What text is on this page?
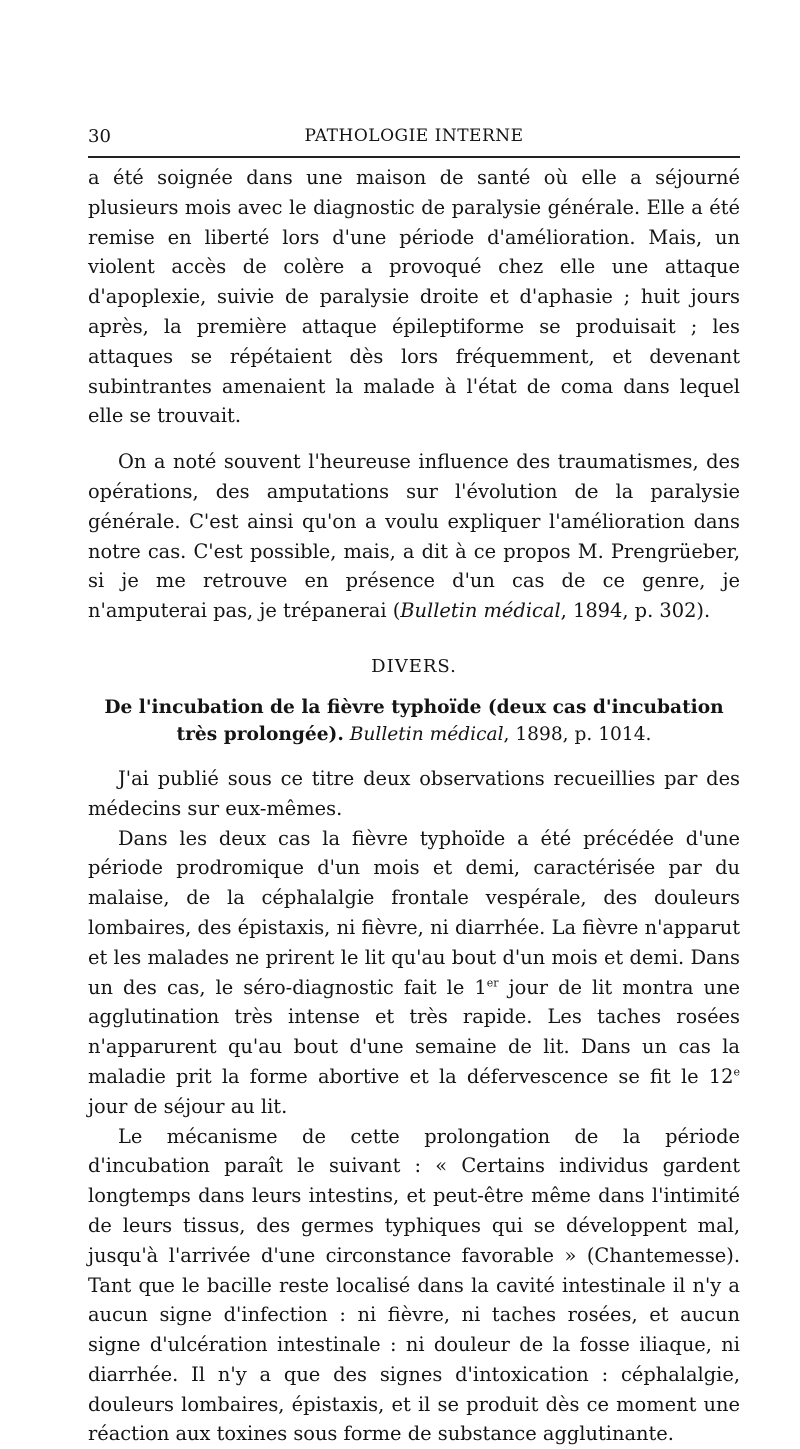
30	PATHOLOGIE INTERNE

a été soignée dans une maison de santé où elle a séjourné plusieurs mois avec le diagnostic de paralysie générale. Elle a été remise en liberté lors d'une période d'amélioration. Mais, un violent accès de colère a provoqué chez elle une attaque d'apoplexie, suivie de paralysie droite et d'aphasie ; huit jours après, la première attaque épileptiforme se produisait ; les attaques se répétaient dès lors fréquemment, et devenant subintrantes amenaient la malade à l'état de coma dans lequel elle se trouvait.

On a noté souvent l'heureuse influence des traumatismes, des opérations, des amputations sur l'évolution de la paralysie générale. C'est ainsi qu'on a voulu expliquer l'amélioration dans notre cas. C'est possible, mais, a dit à ce propos M. Prengrüeber, si je me retrouve en présence d'un cas de ce genre, je n'amputerai pas, je trépanerai (Bulletin médical, 1894, p. 302).

DIVERS.
De l'incubation de la fièvre typhoïde (deux cas d'incubation très prolongée). Bulletin médical, 1898, p. 1014.

J'ai publié sous ce titre deux observations recueillies par des médecins sur eux-mêmes.

Dans les deux cas la fièvre typhoïde a été précédée d'une période prodromique d'un mois et demi, caractérisée par du malaise, de la céphalalgie frontale vespérale, des douleurs lombaires, des épistaxis, ni fièvre, ni diarrhée. La fièvre n'apparut et les malades ne prirent le lit qu'au bout d'un mois et demi. Dans un des cas, le séro-diagnostic fait le 1er jour de lit montra une agglutination très intense et très rapide. Les taches rosées n'apparurent qu'au bout d'une semaine de lit. Dans un cas la maladie prit la forme abortive et la défervescence se fit le 12e jour de séjour au lit.

Le mécanisme de cette prolongation de la période d'incubation paraît le suivant : « Certains individus gardent longtemps dans leurs intestins, et peut-être même dans l'intimité de leurs tissus, des germes typhiques qui se développent mal, jusqu'à l'arrivée d'une circonstance favorable » (Chantemesse). Tant que le bacille reste localisé dans la cavité intestinale il n'y a aucun signe d'infection : ni fièvre, ni taches rosées, et aucun signe d'ulcération intestinale : ni douleur de la fosse iliaque, ni diarrhée. Il n'y a que des signes d'intoxication : céphalalgie, douleurs lombaires, épistaxis, et il se produit dès ce moment une réaction aux toxines sous forme de substance agglutinante.
